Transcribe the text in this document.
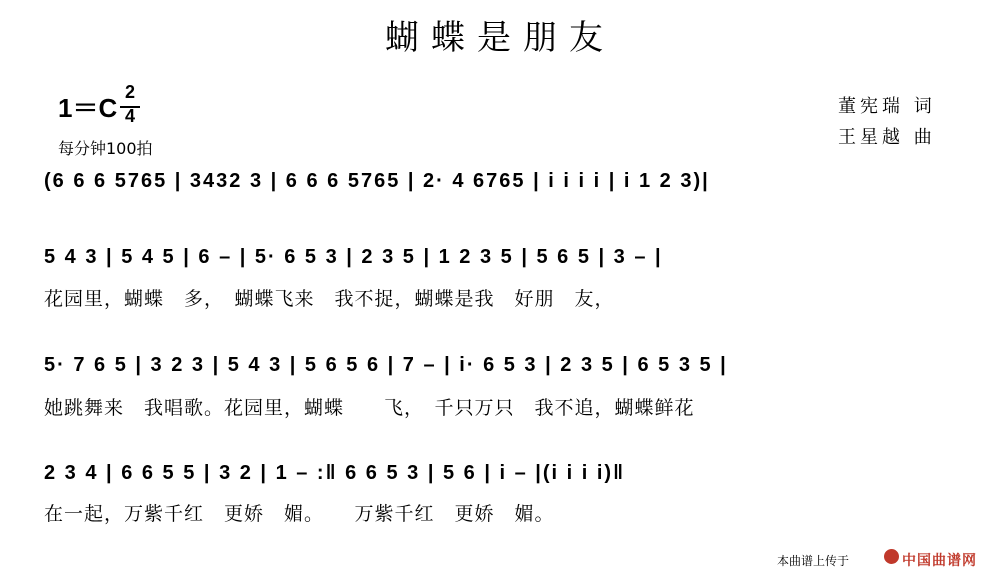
蝴蝶是朋友
1＝C
2
4
每分钟100拍
董宪瑞 词
王星越 曲
(6 6 6 5765 | 3432 3 | 6 6 6 5765 | 2· 4 6765 | i i i i | i 1 2 3)|
5 4 3 | 5 4 5 | 6 – | 5· 6 5 3 | 2 3 5 | 1 2 3 5 | 5 6 5 | 3 – |
花园里，蝴蝶　多，　蝴蝶飞来　我不捉，蝴蝶是我　好朋　友，
5· 7 6 5 | 3 2 3 | 5 4 3 | 5 6 5 6 | 7 – | i· 6 5 3 | 2 3 5 | 6 5 3 5 |
她跳舞来　我唱歌。花园里，蝴蝶　　飞，　千只万只　我不追，蝴蝶鲜花
2 3 4 | 6 6 5 5 | 3 2 | 1 – :‖ 6 6 5 3 | 5 6 | i – |(i i i i)‖
在一起，万紫千红　更娇　媚。　　万紫千红　更娇　媚。
本曲谱上传于	中国曲谱网
